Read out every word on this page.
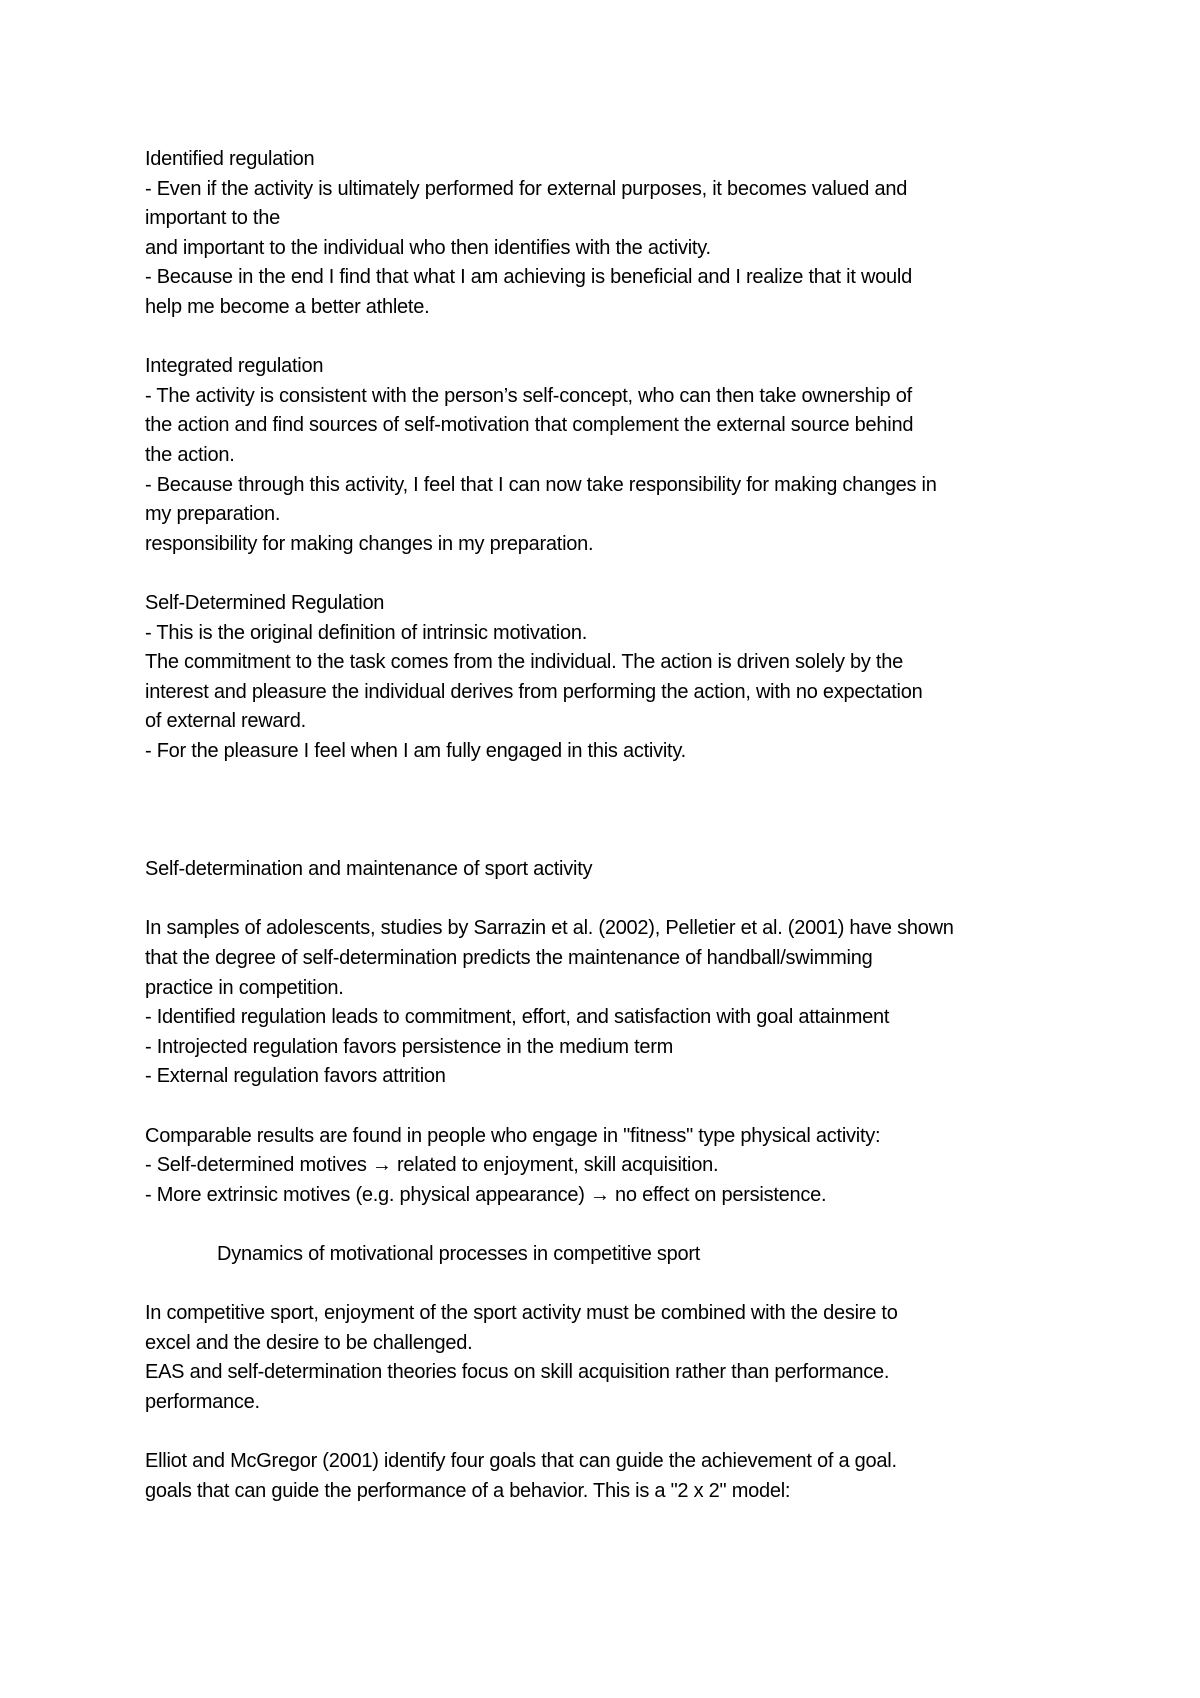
Identified regulation
- Even if the activity is ultimately performed for external purposes, it becomes valued and
important to the
and important to the individual who then identifies with the activity.
- Because in the end I find that what I am achieving is beneficial and I realize that it would
help me become a better athlete.
Integrated regulation
- The activity is consistent with the person’s self-concept, who can then take ownership of
the action and find sources of self-motivation that complement the external source behind
the action.
- Because through this activity, I feel that I can now take responsibility for making changes in
my preparation.
responsibility for making changes in my preparation.
Self-Determined Regulation
- This is the original definition of intrinsic motivation.
The commitment to the task comes from the individual. The action is driven solely by the
interest and pleasure the individual derives from performing the action, with no expectation
of external reward.
- For the pleasure I feel when I am fully engaged in this activity.
Self-determination and maintenance of sport activity
In samples of adolescents, studies by Sarrazin et al. (2002), Pelletier et al. (2001) have shown
that the degree of self-determination predicts the maintenance of handball/swimming
practice in competition.
- Identified regulation leads to commitment, effort, and satisfaction with goal attainment
- Introjected regulation favors persistence in the medium term
- External regulation favors attrition
Comparable results are found in people who engage in "fitness" type physical activity:
- Self-determined motives → related to enjoyment, skill acquisition.
- More extrinsic motives (e.g. physical appearance) → no effect on persistence.
Dynamics of motivational processes in competitive sport
In competitive sport, enjoyment of the sport activity must be combined with the desire to
excel and the desire to be challenged.
EAS and self-determination theories focus on skill acquisition rather than performance.
performance.
Elliot and McGregor (2001) identify four goals that can guide the achievement of a goal.
goals that can guide the performance of a behavior. This is a "2 x 2" model:
